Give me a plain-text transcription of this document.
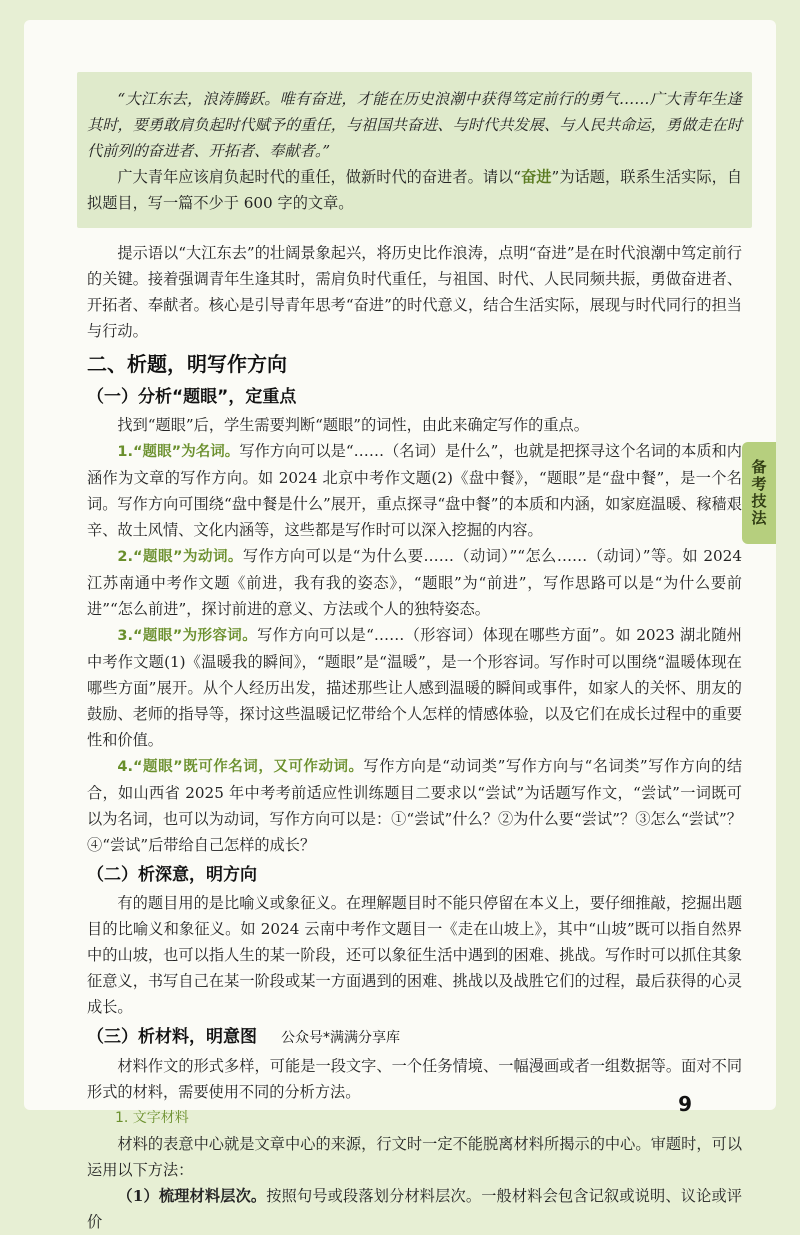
“大江东去，浪涛腾跃。唯有奋进，才能在历史浪潮中获得笃定前行的勇气……广大青年生逢其时，要勇敢肩负起时代赋予的重任，与祖国共奋进、与时代共发展、与人民共命运，勇做走在时代前列的奋进者、开拓者、奉献者。”

广大青年应该肩负起时代的重任，做新时代的奋进者。请以“奋进”为话题，联系生活实际，自拟题目，写一篇不少于 600 字的文章。

提示语以“大江东去”的壮阔景象起兴，将历史比作浪涛，点明“奋进”是在时代浪潮中笃定前行的关键。接着强调青年生逢其时，需肩负时代重任，与祖国、时代、人民同频共振，勇做奋进者、开拓者、奉献者。核心是引导青年思考“奋进”的时代意义，结合生活实际，展现与时代同行的担当与行动。

二、析题，明写作方向
（一）分析“题眼”，定重点

找到“题眼”后，学生需要判断“题眼”的词性，由此来确定写作的重点。

1.“题眼”为名词。写作方向可以是“……（名词）是什么”，也就是把探寻这个名词的本质和内涵作为文章的写作方向。如 2024 北京中考作文题(2)《盘中餐》，“题眼”是“盘中餐”，是一个名词。写作方向可围绕“盘中餐是什么”展开，重点探寻“盘中餐”的本质和内涵，如家庭温暖、稼穑艰辛、故土风情、文化内涵等，这些都是写作时可以深入挖掘的内容。

2.“题眼”为动词。写作方向可以是“为什么要……（动词）”“怎么……（动词）”等。如 2024 江苏南通中考作文题《前进，我有我的姿态》，“题眼”为“前进”，写作思路可以是“为什么要前进”“怎么前进”，探讨前进的意义、方法或个人的独特姿态。

3.“题眼”为形容词。写作方向可以是“……（形容词）体现在哪些方面”。如 2023 湖北随州中考作文题(1)《温暖我的瞬间》，“题眼”是“温暖”，是一个形容词。写作时可以围绕“温暖体现在哪些方面”展开。从个人经历出发，描述那些让人感到温暖的瞬间或事件，如家人的关怀、朋友的鼓励、老师的指导等，探讨这些温暖记忆带给个人怎样的情感体验，以及它们在成长过程中的重要性和价值。

4.“题眼”既可作名词，又可作动词。写作方向是“动词类”写作方向与“名词类”写作方向的结合，如山西省 2025 年中考考前适应性训练题目二要求以“尝试”为话题写作文，“尝试”一词既可以为名词，也可以为动词，写作方向可以是：①“尝试”什么？②为什么要“尝试”？③怎么“尝试”？④“尝试”后带给自己怎样的成长？

（二）析深意，明方向

有的题目用的是比喻义或象征义。在理解题目时不能只停留在本义上，要仔细推敲，挖掘出题目的比喻义和象征义。如 2024 云南中考作文题目一《走在山坡上》，其中“山坡”既可以指自然界中的山坡，也可以指人生的某一阶段，还可以象征生活中遇到的困难、挑战。写作时可以抓住其象征意义，书写自己在某一阶段或某一方面遇到的困难、挑战以及战胜它们的过程，最后获得的心灵成长。

（三）析材料，明意图 公众号*满满分享库

材料作文的形式多样，可能是一段文字、一个任务情境、一幅漫画或者一组数据等。面对不同形式的材料，需要使用不同的分析方法。

1. 文字材料

材料的表意中心就是文章中心的来源，行文时一定不能脱离材料所揭示的中心。审题时，可以运用以下方法：

（1）梳理材料层次。按照句号或段落划分材料层次。一般材料会包含记叙或说明、议论或评价

备考技法
9
